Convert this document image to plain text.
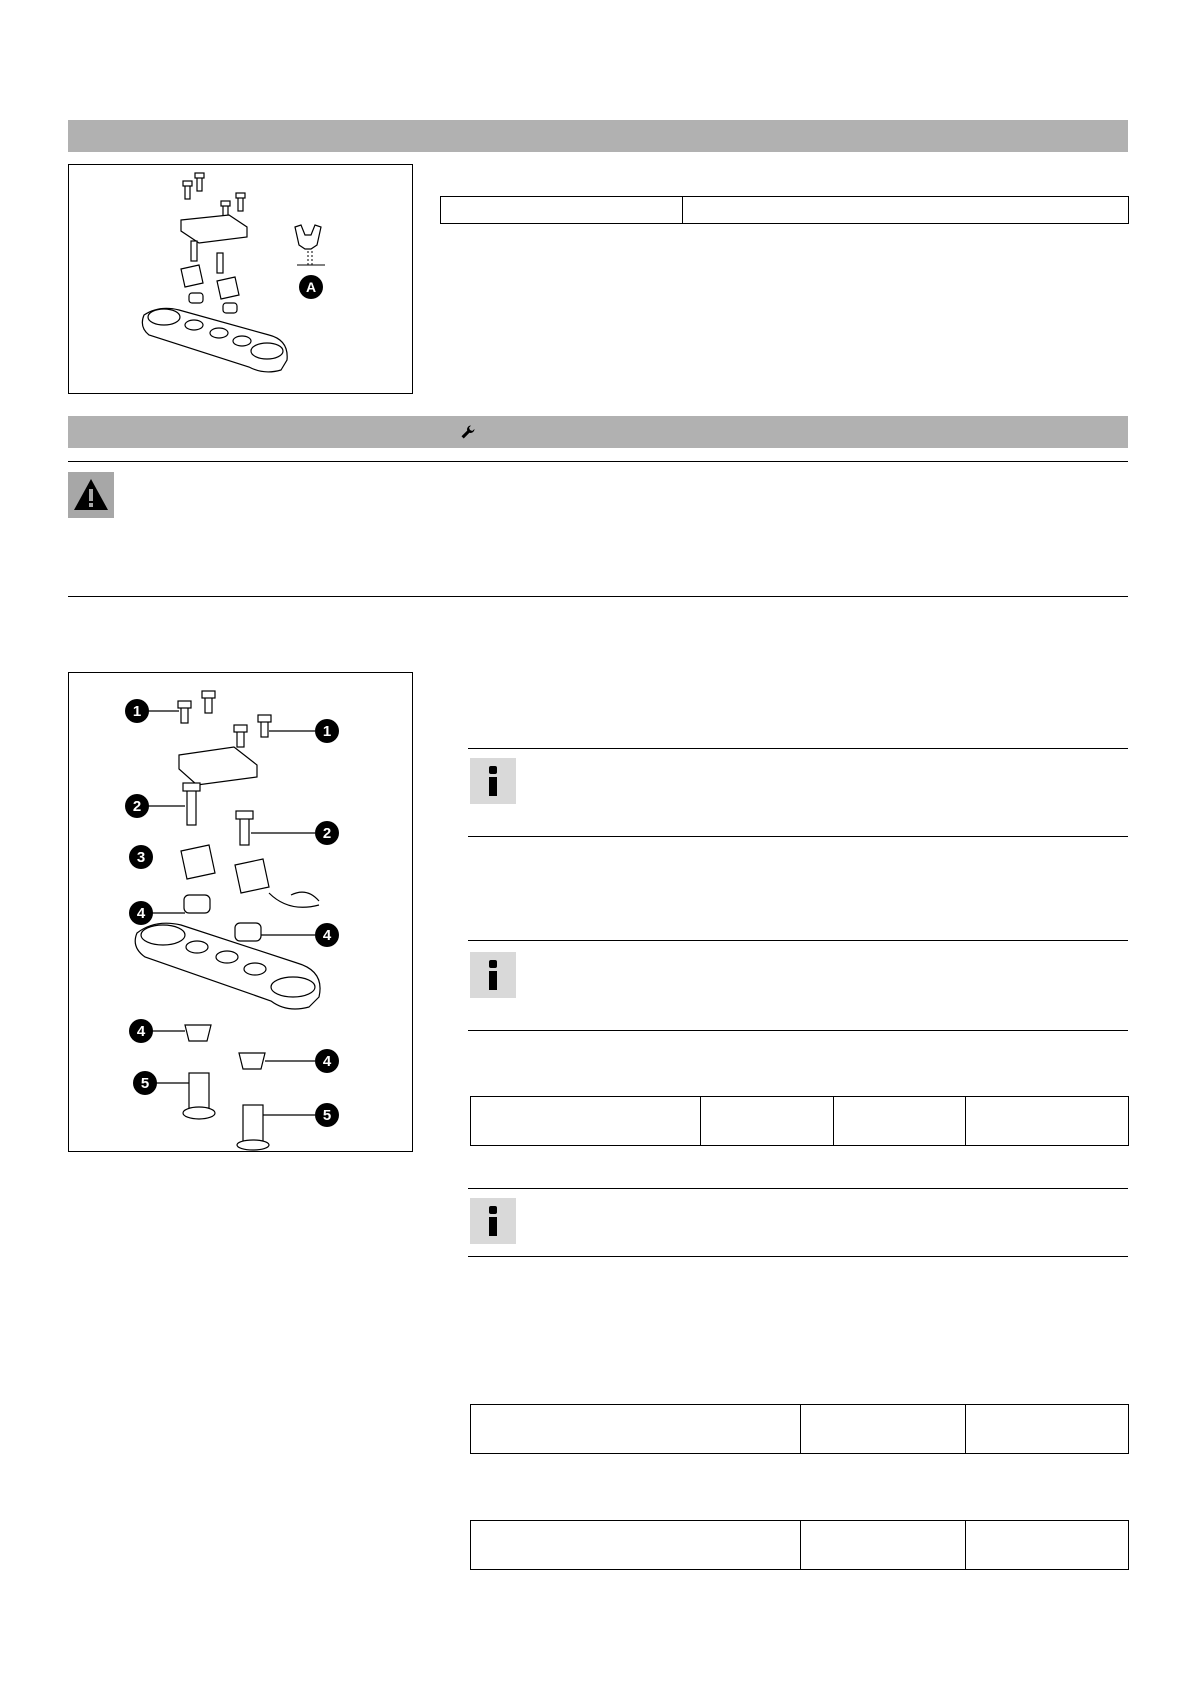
A

1
1
2
2
3
4
4
4
4
5
5
